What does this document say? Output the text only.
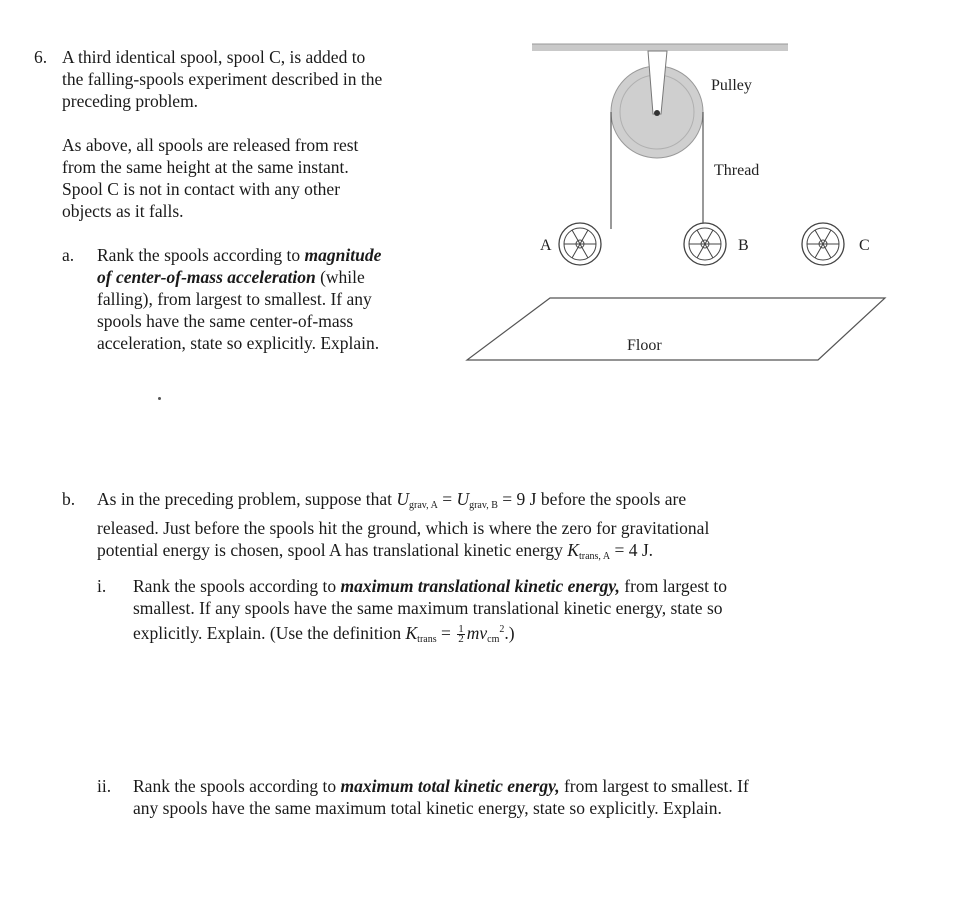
6. A third identical spool, spool C, is added to
the falling-spools experiment described in the
preceding problem.
As above, all spools are released from rest
from the same height at the same instant.
Spool C is not in contact with any other
objects as it falls.
a. Rank the spools according to magnitude
of center-of-mass acceleration (while
falling), from largest to smallest. If any
spools have the same center-of-mass
acceleration, state so explicitly. Explain.
Pulley
Thread
A	B	C
Floor
b. As in the preceding problem, suppose that $U_{grav, A} = U_{grav, B} = 9$ J before the spools are
released. Just before the spools hit the ground, which is where the zero for gravitational
potential energy is chosen, spool A has translational kinetic energy $K_{trans, A} = 4$ J.
i. Rank the spools according to maximum translational kinetic energy, from largest to
smallest. If any spools have the same maximum translational kinetic energy, state so
explicitly. Explain. (Use the definition $K_{trans} = \frac{1}{2} mv_{cm}^2$.)
ii. Rank the spools according to maximum total kinetic energy, from largest to smallest. If
any spools have the same maximum total kinetic energy, state so explicitly. Explain.
